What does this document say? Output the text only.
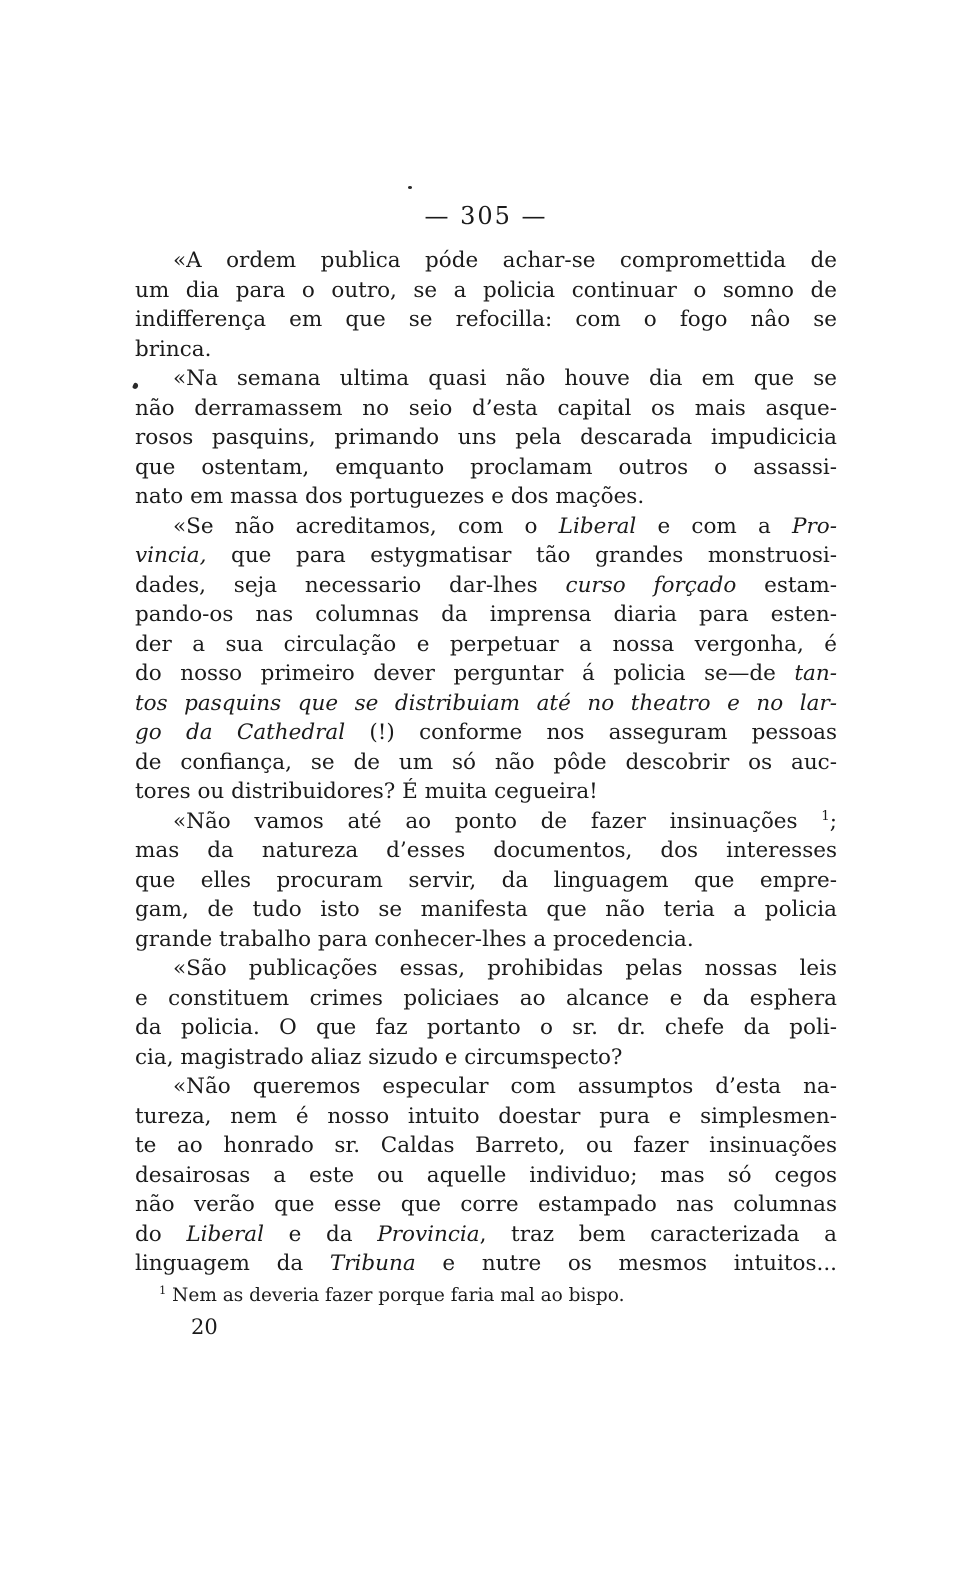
— 305 —
«A ordem publica póde achar-se compromettida de
um dia para o outro, se a policia continuar o somno de
indifferença em que se refocilla: com o fogo nâo se
brinca.
«Na semana ultima quasi não houve dia em que se
não derramassem no seio d’esta capital os mais asque-
rosos pasquins, primando uns pela descarada impudicicia
que ostentam, emquanto proclamam outros o assassi-
nato em massa dos portuguezes e dos mações.
«Se não acreditamos, com o Liberal e com a Pro-
vincia, que para estygmatisar tão grandes monstruosi-
dades, seja necessario dar-lhes curso forçado estam-
pando-os nas columnas da imprensa diaria para esten-
der a sua circulação e perpetuar a nossa vergonha, é
do nosso primeiro dever perguntar á policia se—de tan-
tos pasquins que se distribuiam até no theatro e no lar-
go da Cathedral (!) conforme nos asseguram pessoas
de confiança, se de um só não pôde descobrir os auc-
tores ou distribuidores? É muita cegueira!
«Não vamos até ao ponto de fazer insinuações $^1$;
mas da natureza d’esses documentos, dos interesses
que elles procuram servir, da linguagem que empre-
gam, de tudo isto se manifesta que não teria a policia
grande trabalho para conhecer-lhes a procedencia.
«São publicações essas, prohibidas pelas nossas leis
e constituem crimes policiaes ao alcance e da esphera
da policia. O que faz portanto o sr. dr. chefe da poli-
cia, magistrado aliaz sizudo e circumspecto?
«Não queremos especular com assumptos d’esta na-
tureza, nem é nosso intuito doestar pura e simplesmen-
te ao honrado sr. Caldas Barreto, ou fazer insinuações
desairosas a este ou aquelle individuo; mas só cegos
não verão que esse que corre estampado nas columnas
do Liberal e da Provincia, traz bem caracterizada a
linguagem da Tribuna e nutre os mesmos intuitos...
$^1$ Nem as deveria fazer porque faria mal ao bispo.
20
